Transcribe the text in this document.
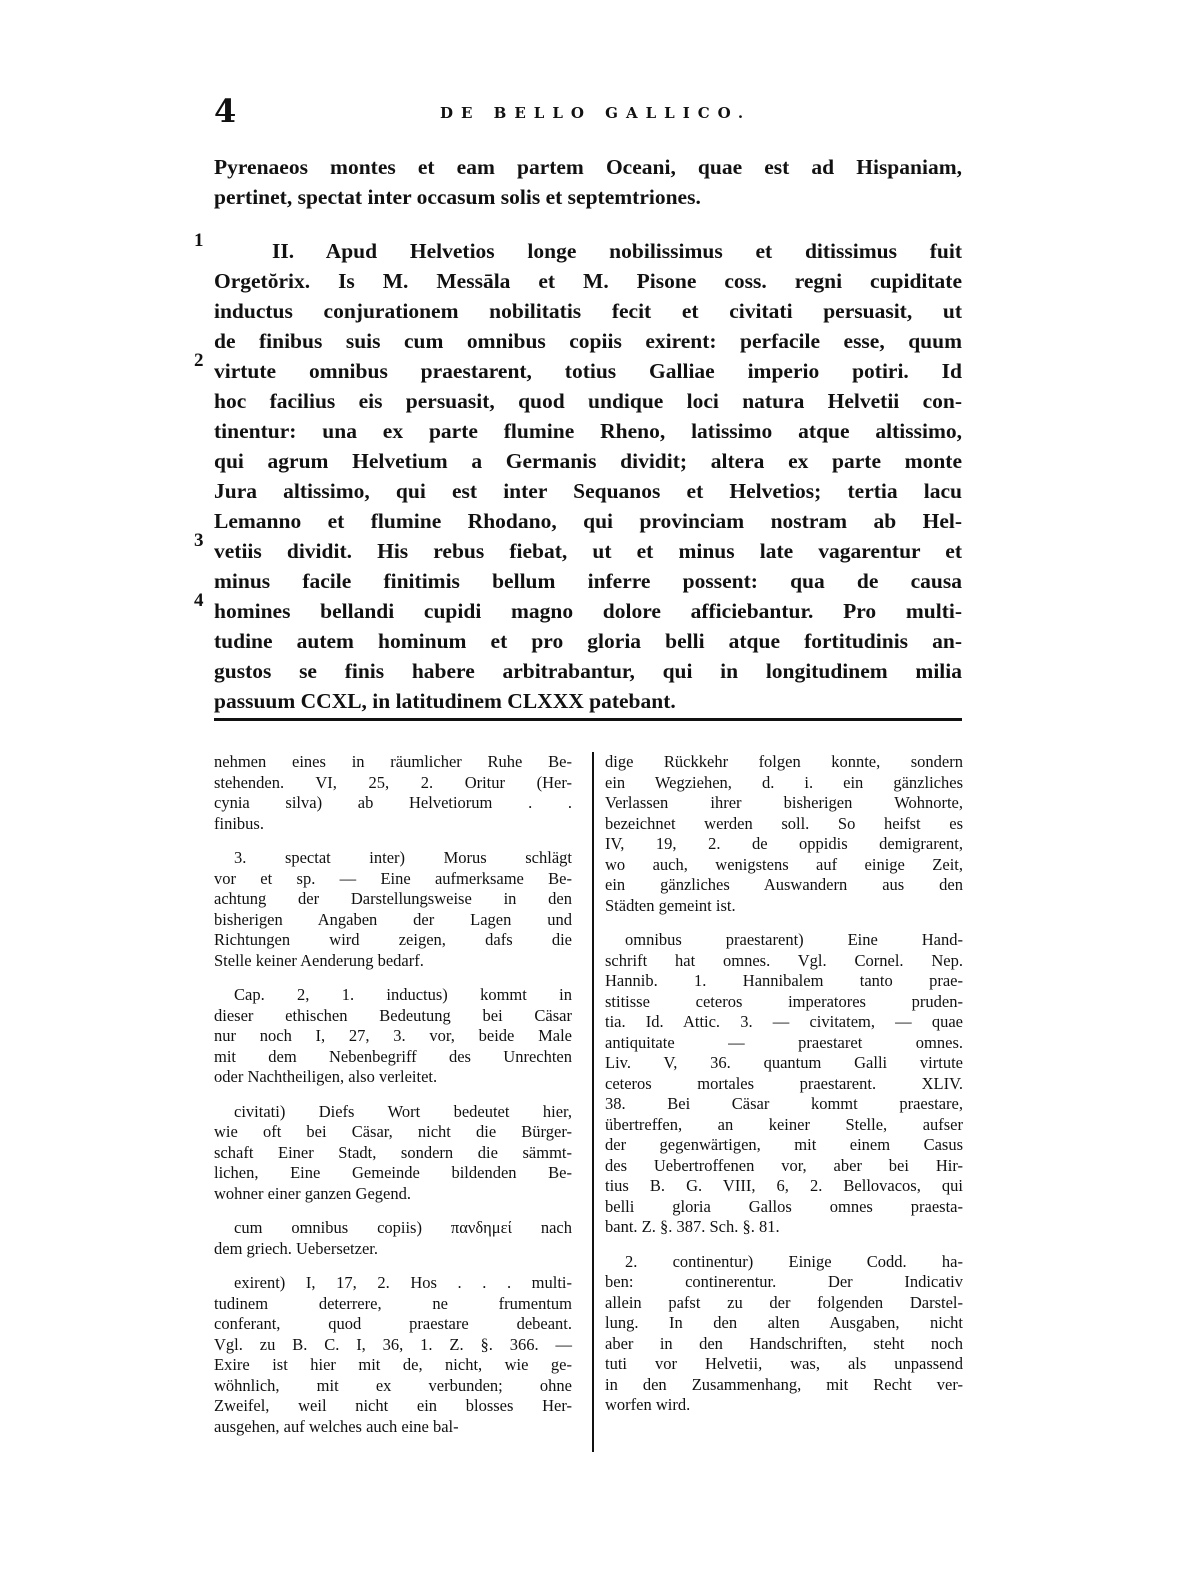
4	DE BELLO GALLICO.
Pyrenaeos montes et eam partem Oceani, quae est ad Hispaniam,
pertinet, spectat inter occasum solis et septemtriones.
II. Apud Helvetios longe nobilissimus et ditissimus fuit
Orgetŏrix. Is M. Messāla et M. Pisone coss. regni cupiditate
inductus conjurationem nobilitatis fecit et civitati persuasit, ut
de finibus suis cum omnibus copiis exirent: perfacile esse, quum
virtute omnibus praestarent, totius Galliae imperio potiri. Id
hoc facilius eis persuasit, quod undique loci natura Helvetii con-
tinentur: una ex parte flumine Rheno, latissimo atque altissimo,
qui agrum Helvetium a Germanis dividit; altera ex parte monte
Jura altissimo, qui est inter Sequanos et Helvetios; tertia lacu
Lemanno et flumine Rhodano, qui provinciam nostram ab Hel-
vetiis dividit. His rebus fiebat, ut et minus late vagarentur et
minus facile finitimis bellum inferre possent: qua de causa
homines bellandi cupidi magno dolore afficiebantur. Pro multi-
tudine autem hominum et pro gloria belli atque fortitudinis an-
gustos se finis habere arbitrabantur, qui in longitudinem milia
passuum CCXL, in latitudinem CLXXX patebant.
1
2
3
4
nehmen eines in räumlicher Ruhe Be-
stehenden. VI, 25, 2. Oritur (Her-
cynia silva) ab Helvetiorum . .
finibus.
3. spectat inter) Morus schlägt
vor et sp. — Eine aufmerksame Be-
achtung der Darstellungsweise in den
bisherigen Angaben der Lagen und
Richtungen wird zeigen, dafs die
Stelle keiner Aenderung bedarf.
Cap. 2, 1. inductus) kommt in
dieser ethischen Bedeutung bei Cäsar
nur noch I, 27, 3. vor, beide Male
mit dem Nebenbegriff des Unrechten
oder Nachtheiligen, also verleitet.
civitati) Diefs Wort bedeutet hier,
wie oft bei Cäsar, nicht die Bürger-
schaft Einer Stadt, sondern die sämmt-
lichen, Eine Gemeinde bildenden Be-
wohner einer ganzen Gegend.
cum omnibus copiis) πανδημεί nach
dem griech. Uebersetzer.
exirent) I, 17, 2. Hos . . . multi-
tudinem deterrere, ne frumentum
conferant, quod praestare debeant.
Vgl. zu B. C. I, 36, 1. Z. §. 366. —
Exire ist hier mit de, nicht, wie ge-
wöhnlich, mit ex verbunden; ohne
Zweifel, weil nicht ein blosses Her-
ausgehen, auf welches auch eine bal-
dige Rückkehr folgen konnte, sondern
ein Wegziehen, d. i. ein gänzliches
Verlassen ihrer bisherigen Wohnorte,
bezeichnet werden soll. So heifst es
IV, 19, 2. de oppidis demigrarent,
wo auch, wenigstens auf einige Zeit,
ein gänzliches Auswandern aus den
Städten gemeint ist.
omnibus praestarent) Eine Hand-
schrift hat omnes. Vgl. Cornel. Nep.
Hannib. 1. Hannibalem tanto prae-
stitisse ceteros imperatores pruden-
tia. Id. Attic. 3. — civitatem, — quae
antiquitate — praestaret omnes.
Liv. V, 36. quantum Galli virtute
ceteros mortales praestarent. XLIV.
38. Bei Cäsar kommt praestare,
übertreffen, an keiner Stelle, aufser
der gegenwärtigen, mit einem Casus
des Uebertroffenen vor, aber bei Hir-
tius B. G. VIII, 6, 2. Bellovacos, qui
belli gloria Gallos omnes praesta-
bant. Z. §. 387. Sch. §. 81.
2. continentur) Einige Codd. ha-
ben: continerentur. Der Indicativ
allein pafst zu der folgenden Darstel-
lung. In den alten Ausgaben, nicht
aber in den Handschriften, steht noch
tuti vor Helvetii, was, als unpassend
in den Zusammenhang, mit Recht ver-
worfen wird.
